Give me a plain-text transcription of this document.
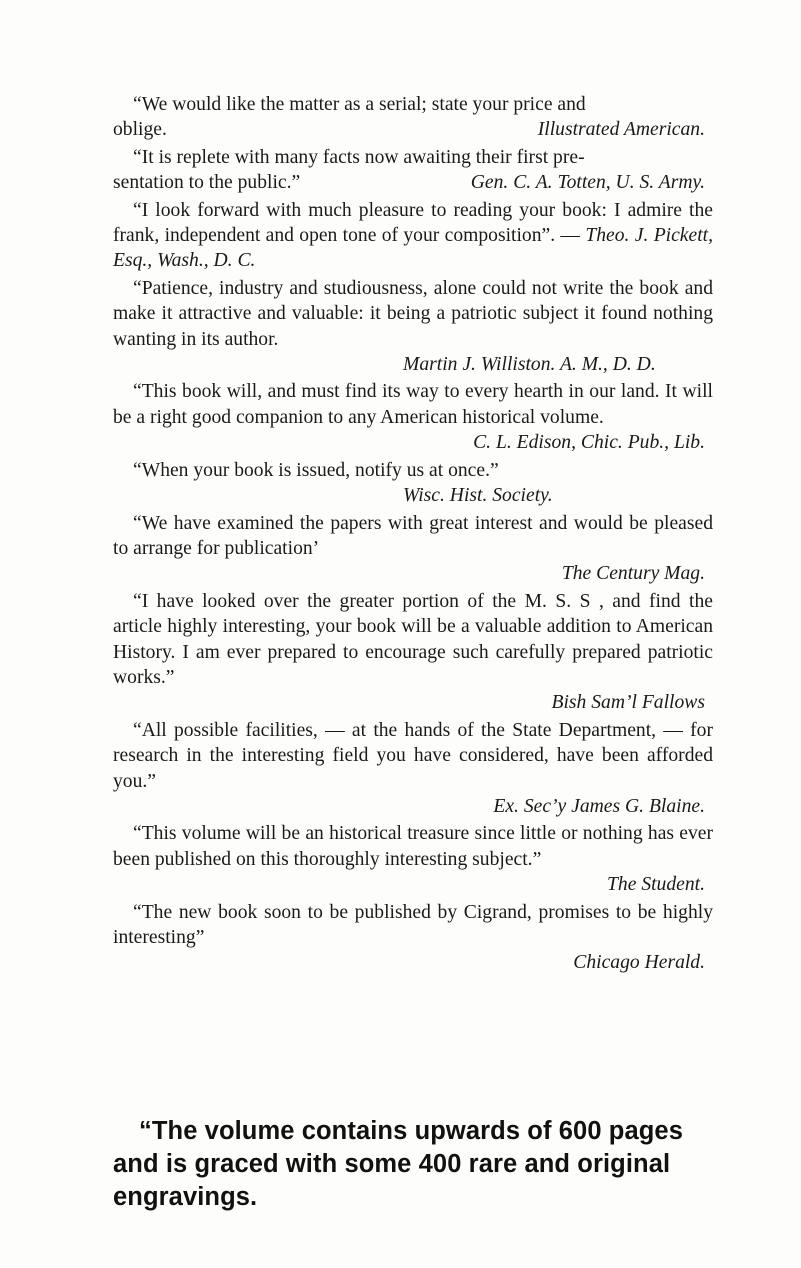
“We would like the matter as a serial; state your price and
oblige.	Illustrated American.
“It is replete with many facts now awaiting their first pre-
sentation to the public.”	Gen. C. A. Totten, U. S. Army.
“I look forward with much pleasure to reading your book: I admire the frank, independent and open tone of your composition”. — Theo. J. Pickett, Esq., Wash., D. C.
“Patience, industry and studiousness, alone could not write the book and make it attractive and valuable: it being a patriotic subject it found nothing wanting in its author.
Martin J. Williston. A. M., D. D.
“This book will, and must find its way to every hearth in our land. It will be a right good companion to any American historical volume.
C. L. Edison, Chic. Pub., Lib.
“When your book is issued, notify us at once.”
Wisc. Hist. Society.
“We have examined the papers with great interest and would be pleased to arrange for publication’
The Century Mag.
“I have looked over the greater portion of the M. S. S , and find the article highly interesting, your book will be a valuable addition to American History. I am ever prepared to encourage such carefully prepared patriotic works.”
Bish Sam’l Fallows
“All possible facilities, — at the hands of the State Department, — for research in the interesting field you have considered, have been afforded you.”
Ex. Sec’y James G. Blaine.
“This volume will be an historical treasure since little or nothing has ever been published on this thoroughly interesting subject.”
The Student.
“The new book soon to be published by Cigrand, promises to be highly interesting”
Chicago Herald.
“The volume contains upwards of 600 pages and is graced with some 400 rare and original engravings.
